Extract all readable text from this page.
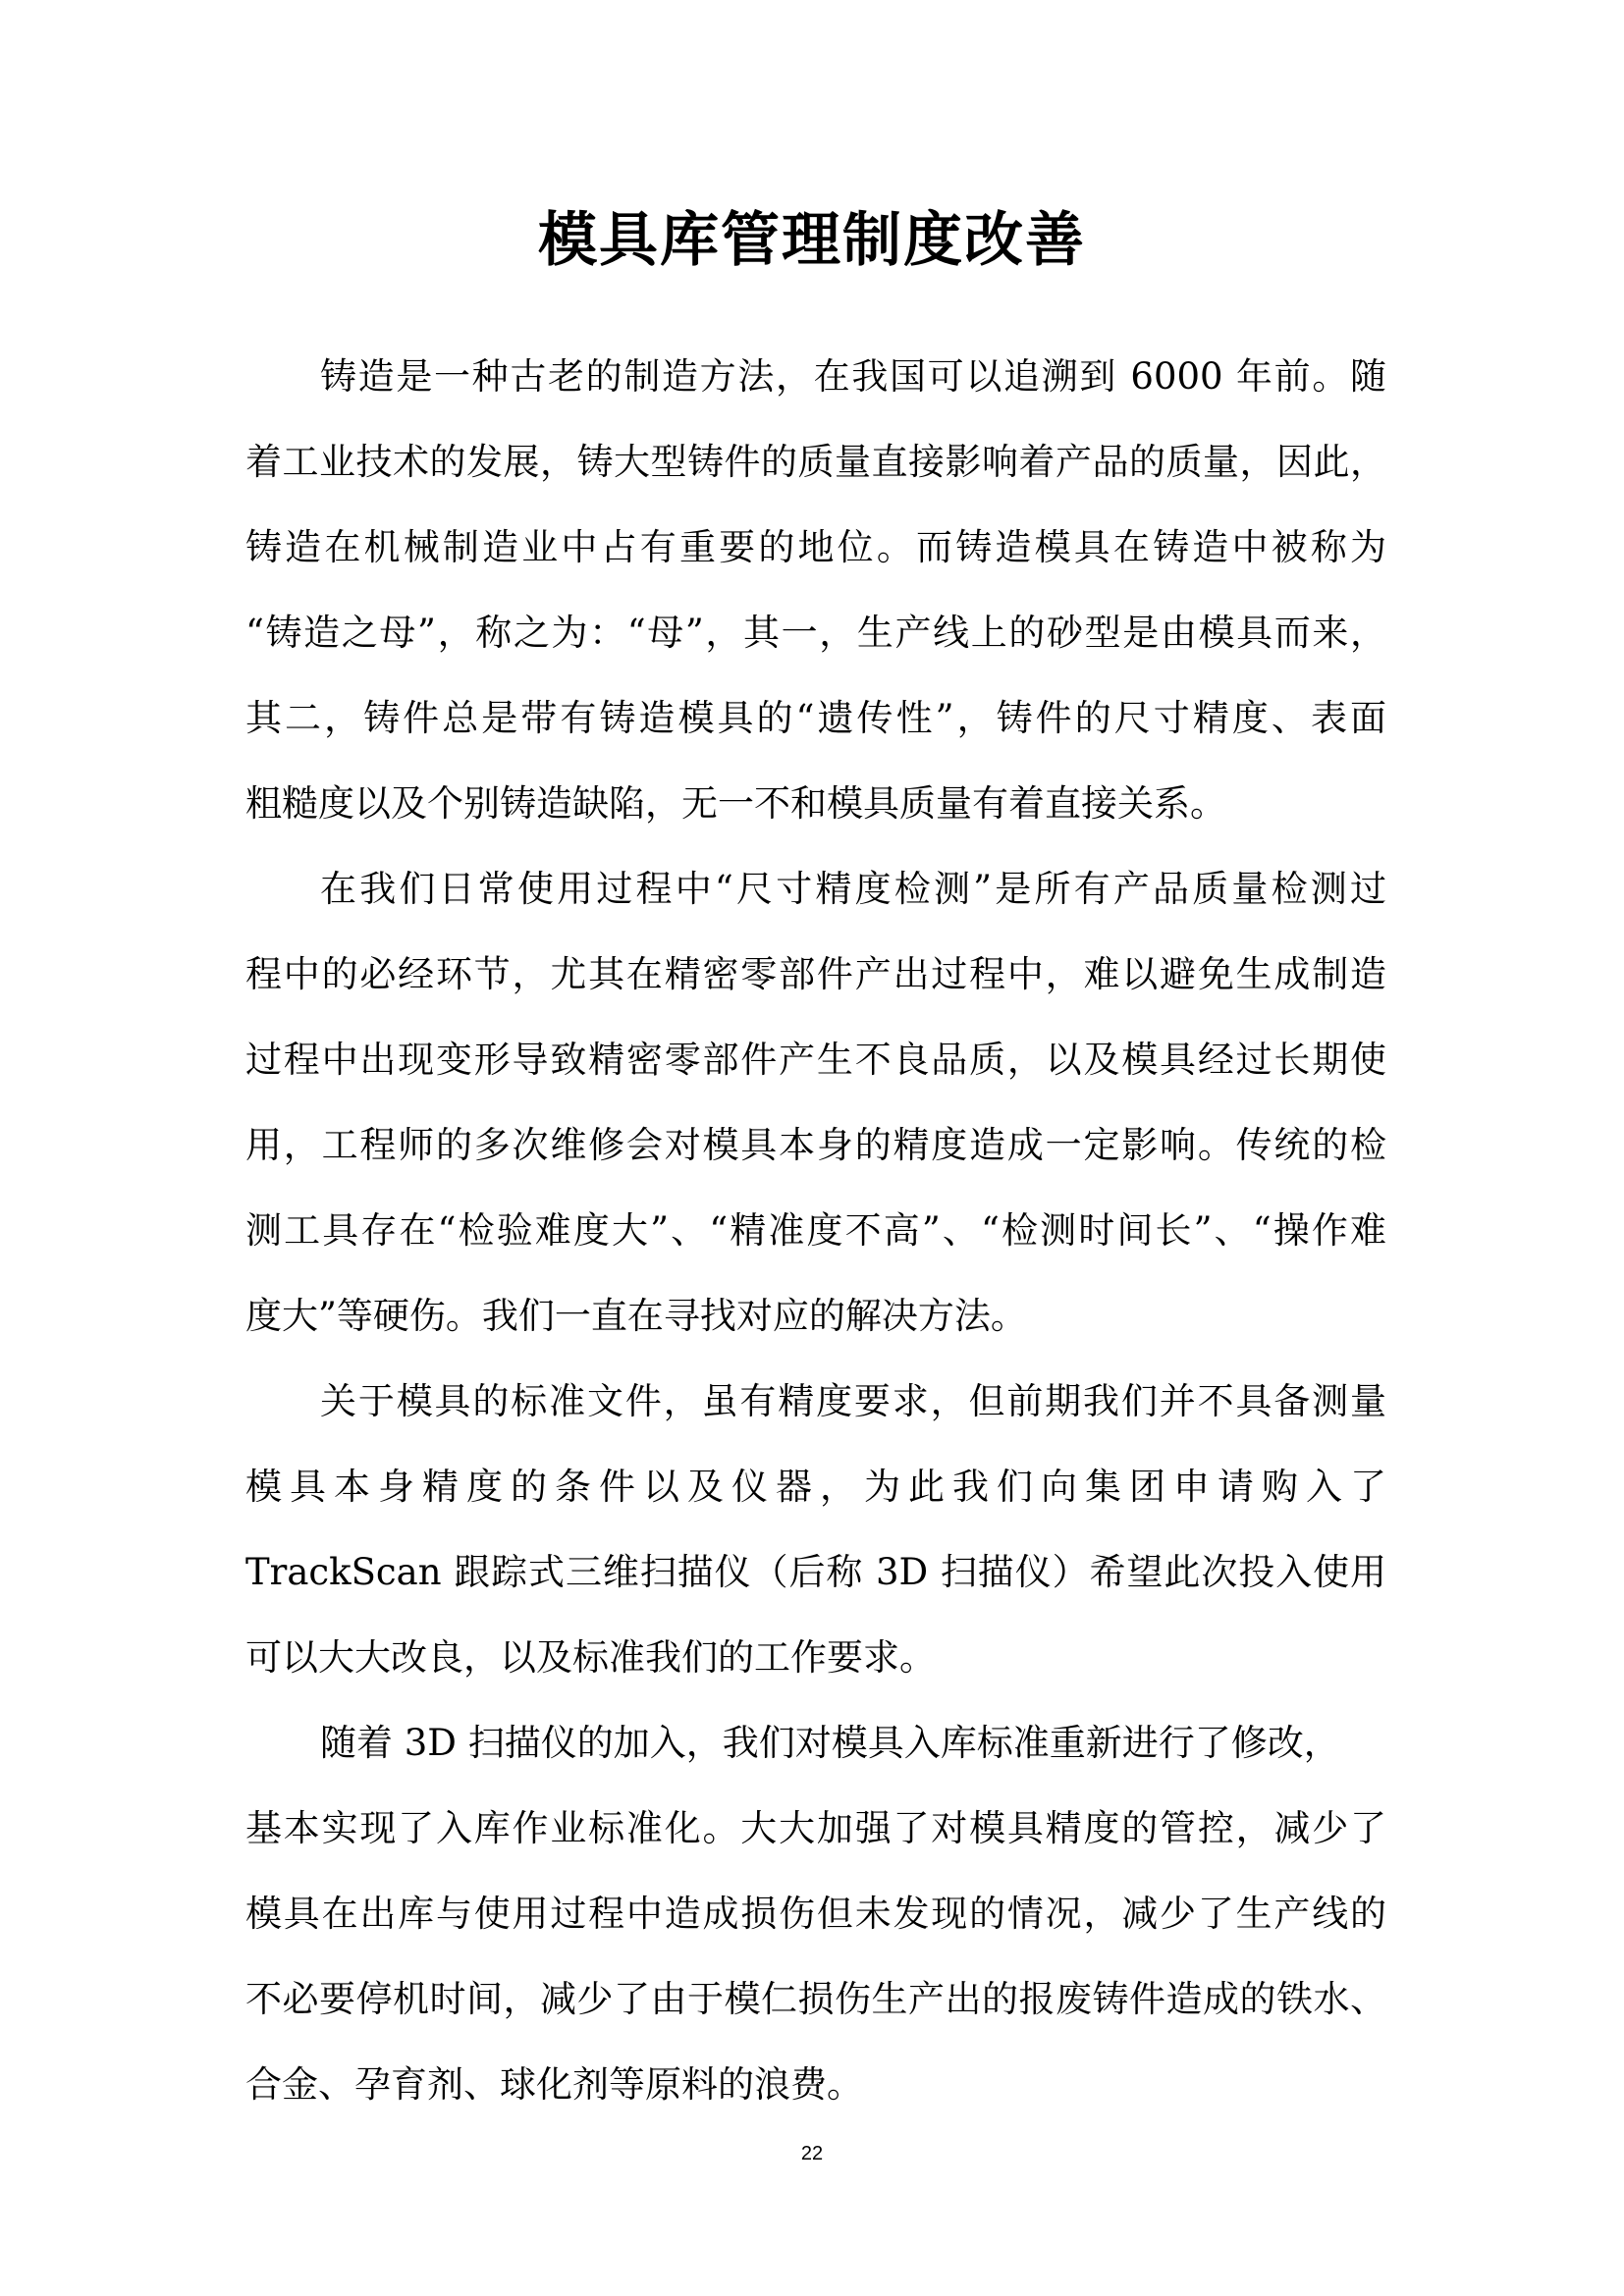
模具库管理制度改善
铸造是一种古老的制造方法，在我国可以追溯到 6000 年前。随
着工业技术的发展，铸大型铸件的质量直接影响着产品的质量，因此，
铸造在机械制造业中占有重要的地位。而铸造模具在铸造中被称为
“铸造之母”，称之为：“母”，其一，生产线上的砂型是由模具而来，
其二，铸件总是带有铸造模具的“遗传性”，铸件的尺寸精度、表面
粗糙度以及个别铸造缺陷，无一不和模具质量有着直接关系。
在我们日常使用过程中“尺寸精度检测”是所有产品质量检测过
程中的必经环节，尤其在精密零部件产出过程中，难以避免生成制造
过程中出现变形导致精密零部件产生不良品质，以及模具经过长期使
用，工程师的多次维修会对模具本身的精度造成一定影响。传统的检
测工具存在“检验难度大”、“精准度不高”、“检测时间长”、“操作难
度大”等硬伤。我们一直在寻找对应的解决方法。
关于模具的标准文件，虽有精度要求，但前期我们并不具备测量
模具本身精度的条件以及仪器，为此我们向集团申请购入了
TrackScan 跟踪式三维扫描仪（后称 3D 扫描仪）希望此次投入使用
可以大大改良，以及标准我们的工作要求。
随着 3D 扫描仪的加入，我们对模具入库标准重新进行了修改，
基本实现了入库作业标准化。大大加强了对模具精度的管控，减少了
模具在出库与使用过程中造成损伤但未发现的情况，减少了生产线的
不必要停机时间，减少了由于模仁损伤生产出的报废铸件造成的铁水、
合金、孕育剂、球化剂等原料的浪费。
22
